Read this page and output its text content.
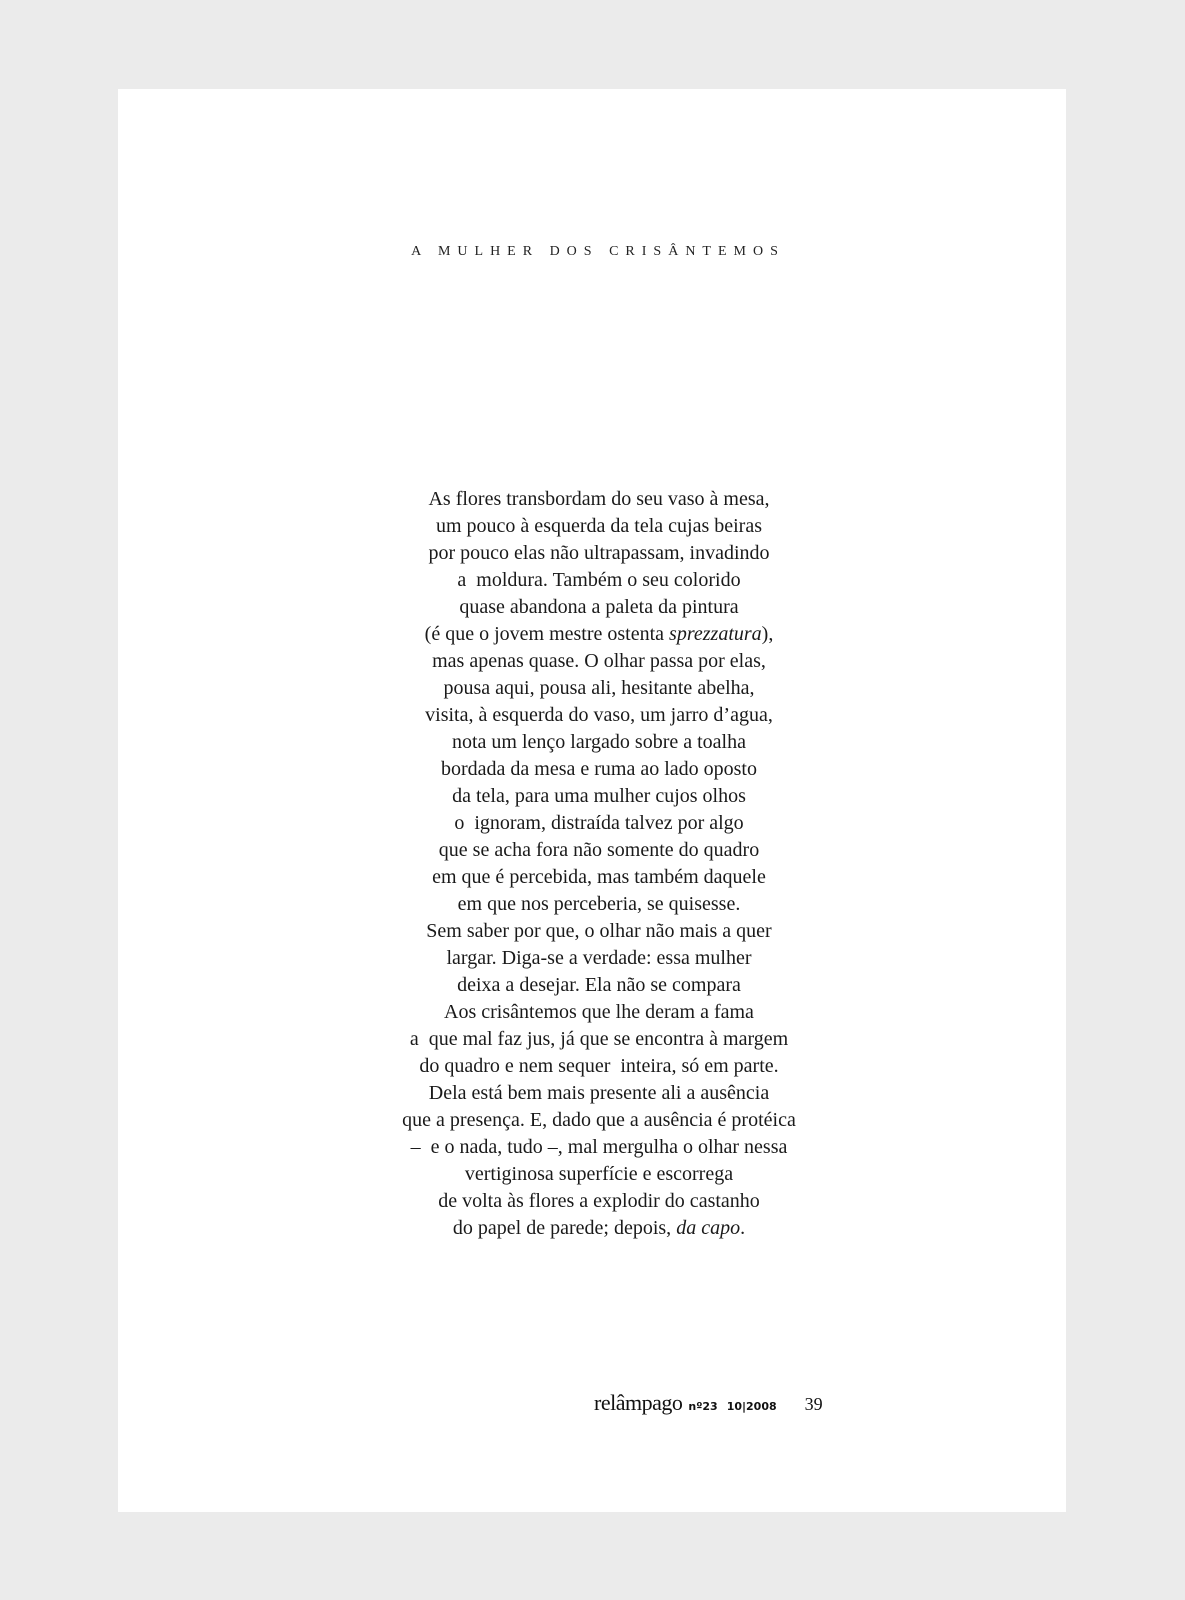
A MULHER DOS CRISÂNTEMOS
As flores transbordam do seu vaso à mesa,
um pouco à esquerda da tela cujas beiras
por pouco elas não ultrapassam, invadindo
a  moldura. Também o seu colorido
quase abandona a paleta da pintura
(é que o jovem mestre ostenta sprezzatura),
mas apenas quase. O olhar passa por elas,
pousa aqui, pousa ali, hesitante abelha,
visita, à esquerda do vaso, um jarro d’agua,
nota um lenço largado sobre a toalha
bordada da mesa e ruma ao lado oposto
da tela, para uma mulher cujos olhos
o  ignoram, distraída talvez por algo
que se acha fora não somente do quadro
em que é percebida, mas também daquele
em que nos perceberia, se quisesse.
Sem saber por que, o olhar não mais a quer
largar. Diga-se a verdade: essa mulher
deixa a desejar. Ela não se compara
Aos crisântemos que lhe deram a fama
a  que mal faz jus, já que se encontra à margem
do quadro e nem sequer  inteira, só em parte.
Dela está bem mais presente ali a ausência
que a presença. E, dado que a ausência é protéica
–  e o nada, tudo –, mal mergulha o olhar nessa
vertiginosa superfície e escorrega
de volta às flores a explodir do castanho
do papel de parede; depois, da capo.
relâmpago nº23 10|2008 39
